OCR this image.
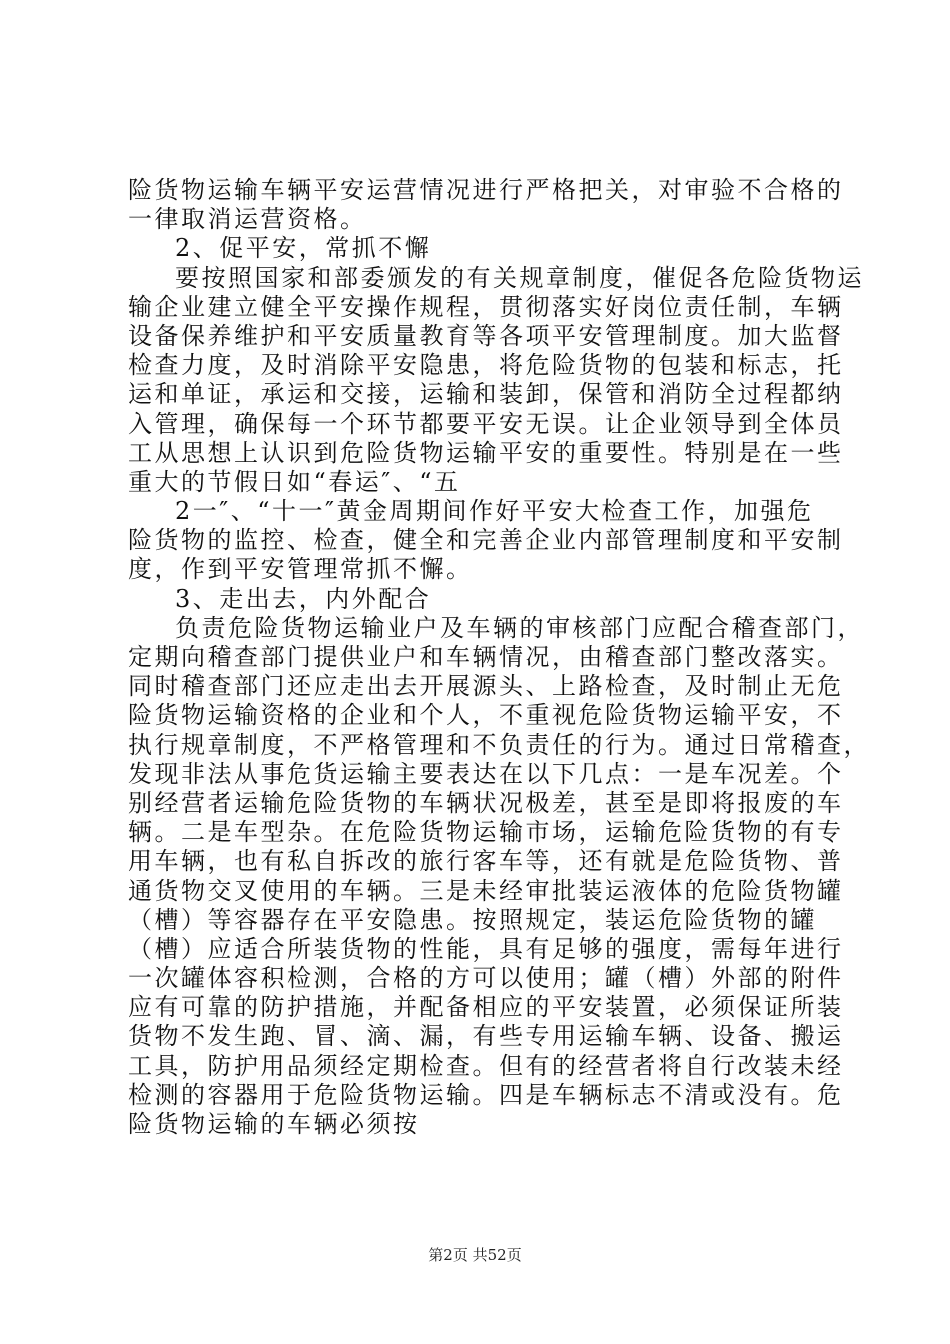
险货物运输车辆平安运营情况进行严格把关，对审验不合格的
一律取消运营资格。
2、促平安，常抓不懈
要按照国家和部委颁发的有关规章制度，催促各危险货物运
输企业建立健全平安操作规程，贯彻落实好岗位责任制，车辆
设备保养维护和平安质量教育等各项平安管理制度。加大监督
检查力度，及时消除平安隐患，将危险货物的包装和标志，托
运和单证，承运和交接，运输和装卸，保管和消防全过程都纳
入管理，确保每一个环节都要平安无误。让企业领导到全体员
工从思想上认识到危险货物运输平安的重要性。特别是在一些
重大的节假日如“春运″、“五
2一″、“十一″黄金周期间作好平安大检查工作，加强危
险货物的监控、检查，健全和完善企业内部管理制度和平安制
度，作到平安管理常抓不懈。
3、走出去，内外配合
负责危险货物运输业户及车辆的审核部门应配合稽查部门，
定期向稽查部门提供业户和车辆情况，由稽查部门整改落实。
同时稽查部门还应走出去开展源头、上路检查，及时制止无危
险货物运输资格的企业和个人，不重视危险货物运输平安，不
执行规章制度，不严格管理和不负责任的行为。通过日常稽查，
发现非法从事危货运输主要表达在以下几点：一是车况差。个
别经营者运输危险货物的车辆状况极差，甚至是即将报废的车
辆。二是车型杂。在危险货物运输市场，运输危险货物的有专
用车辆，也有私自拆改的旅行客车等，还有就是危险货物、普
通货物交叉使用的车辆。三是未经审批装运液体的危险货物罐
（槽）等容器存在平安隐患。按照规定，装运危险货物的罐
（槽）应适合所装货物的性能，具有足够的强度，需每年进行
一次罐体容积检测，合格的方可以使用；罐（槽）外部的附件
应有可靠的防护措施，并配备相应的平安装置，必须保证所装
货物不发生跑、冒、滴、漏，有些专用运输车辆、设备、搬运
工具，防护用品须经定期检查。但有的经营者将自行改装未经
检测的容器用于危险货物运输。四是车辆标志不清或没有。危
险货物运输的车辆必须按
第2页 共52页
